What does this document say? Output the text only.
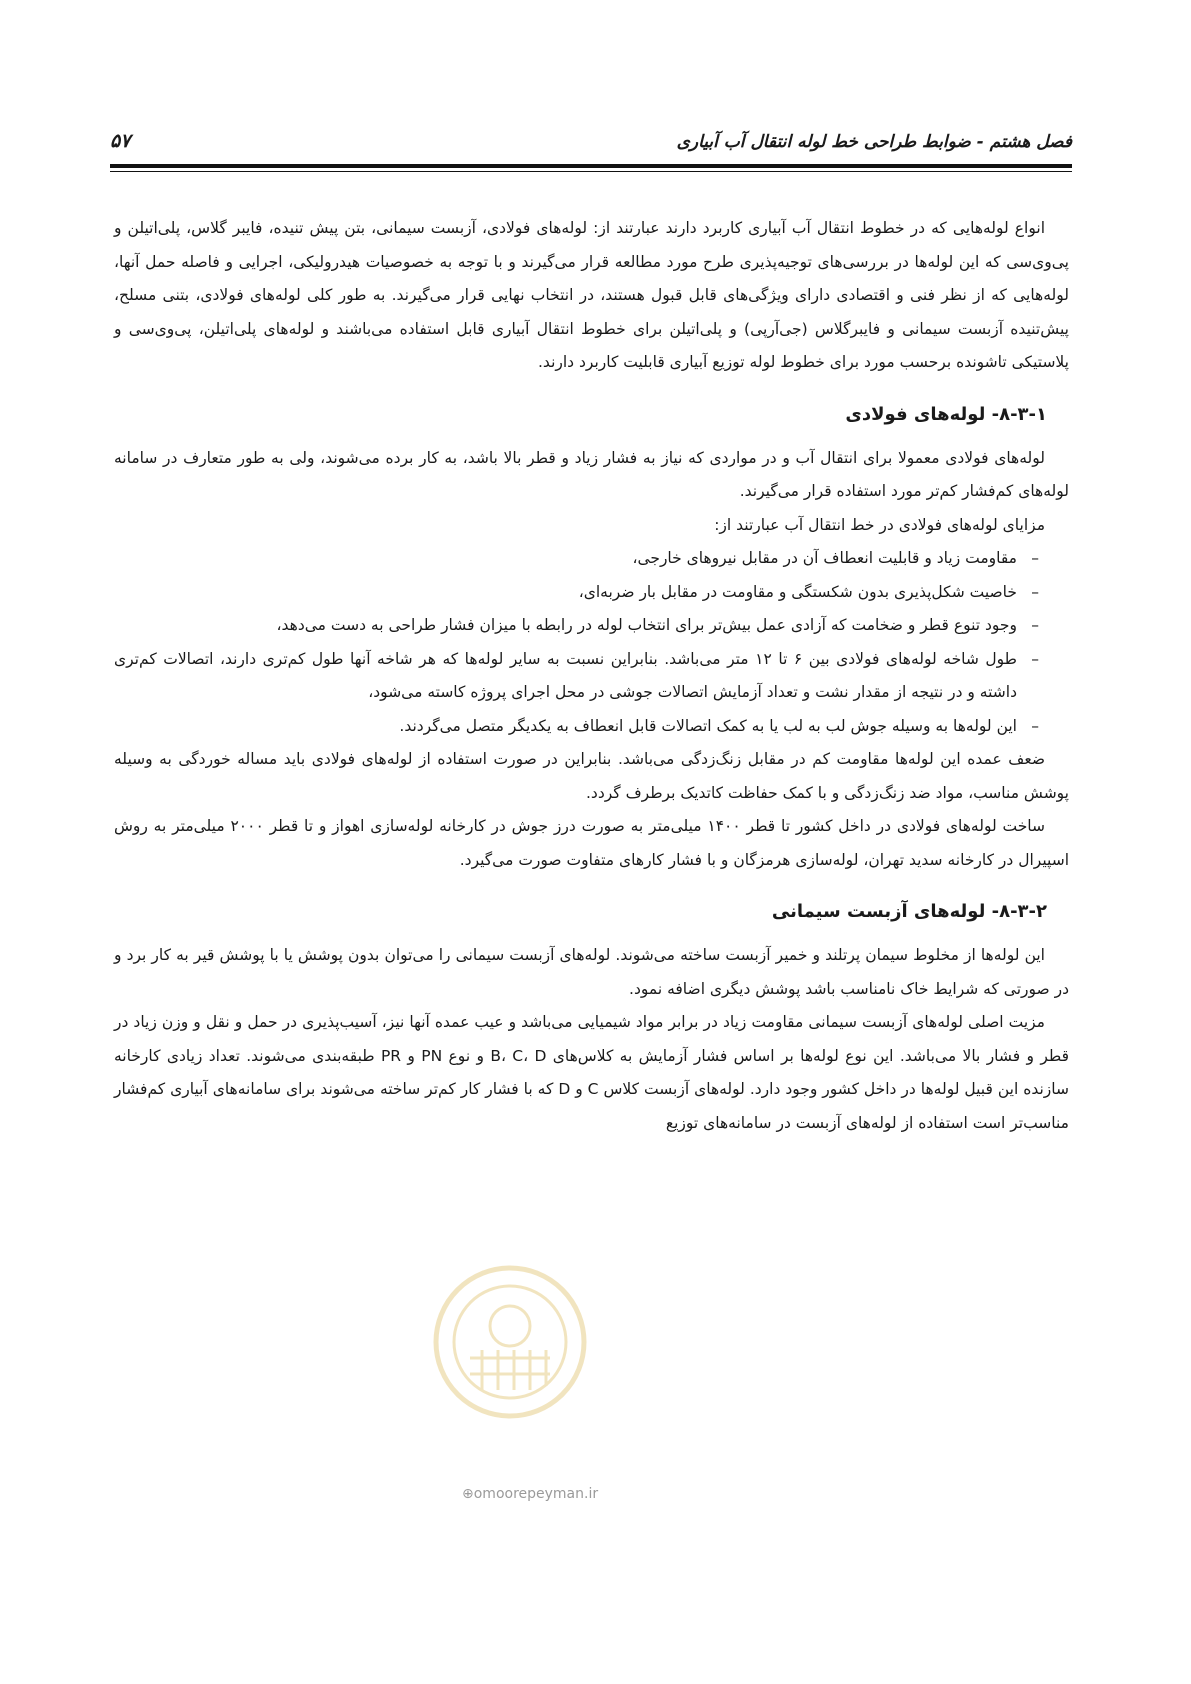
فصل هشتم - ضوابط طراحی خط لوله انتقال آب آبیاری
۵۷

انواع لوله‌هایی که در خطوط انتقال آب آبیاری کاربرد دارند عبارتند از: لوله‌های فولادی، آزبست سیمانی، بتن پیش تنیده، فایبر گلاس، پلی‌اتیلن و پی‌وی‌سی که این لوله‌ها در بررسی‌های توجیه‌پذیری طرح مورد مطالعه قرار می‌گیرند و با توجه به خصوصیات هیدرولیکی، اجرایی و فاصله حمل آنها، لوله‌هایی که از نظر فنی و اقتصادی دارای ویژگی‌های قابل قبول هستند، در انتخاب نهایی قرار می‌گیرند. به طور کلی لوله‌های فولادی، بتنی مسلح، پیش‌تنیده آزبست سیمانی و فایبرگلاس (جی‌آرپی) و پلی‌اتیلن برای خطوط انتقال آبیاری قابل استفاده می‌باشند و لوله‌های پلی‌اتیلن، پی‌وی‌سی و پلاستیکی تاشونده برحسب مورد برای خطوط لوله توزیع آبیاری قابلیت کاربرد دارند.

۸-۳-۱- لوله‌های فولادی

لوله‌های فولادی معمولا برای انتقال آب و در مواردی که نیاز به فشار زیاد و قطر بالا باشد، به کار برده می‌شوند، ولی به طور متعارف در سامانه لوله‌های کم‌فشار کم‌تر مورد استفاده قرار می‌گیرند.

مزایای لوله‌های فولادی در خط انتقال آب عبارتند از:

–
مقاومت زیاد و قابلیت انعطاف آن در مقابل نیروهای خارجی،
–
خاصیت شکل‌پذیری بدون شکستگی و مقاومت در مقابل بار ضربه‌ای،
–
وجود تنوع قطر و ضخامت که آزادی عمل بیش‌تر برای انتخاب لوله در رابطه با میزان فشار طراحی به دست می‌دهد،
–
طول شاخه لوله‌های فولادی بین ۶ تا ۱۲ متر می‌باشد. بنابراین نسبت به سایر لوله‌ها که هر شاخه آنها طول کم‌تری دارند، اتصالات کم‌تری داشته و در نتیجه از مقدار نشت و تعداد آزمایش اتصالات جوشی در محل اجرای پروژه کاسته می‌شود،
–
این لوله‌ها به وسیله جوش لب به لب یا به کمک اتصالات قابل انعطاف به یکدیگر متصل می‌گردند.

ضعف عمده این لوله‌ها مقاومت کم در مقابل زنگ‌زدگی می‌باشد. بنابراین در صورت استفاده از لوله‌های فولادی باید مساله خوردگی به وسیله پوشش مناسب، مواد ضد زنگ‌زدگی و با کمک حفاظت کاتدیک برطرف گردد.

ساخت لوله‌های فولادی در داخل کشور تا قطر ۱۴۰۰ میلی‌متر به صورت درز جوش در کارخانه لوله‌سازی اهواز و تا قطر ۲۰۰۰ میلی‌متر به روش اسپیرال در کارخانه سدید تهران، لوله‌سازی هرمزگان و با فشار کارهای متفاوت صورت می‌گیرد.

۸-۳-۲- لوله‌های آزبست سیمانی

این لوله‌ها از مخلوط سیمان پرتلند و خمیر آزبست ساخته می‌شوند. لوله‌های آزبست سیمانی را می‌توان بدون پوشش یا با پوشش قیر به کار برد و در صورتی که شرایط خاک نامناسب باشد پوشش دیگری اضافه نمود.

مزیت اصلی لوله‌های آزبست سیمانی مقاومت زیاد در برابر مواد شیمیایی می‌باشد و عیب عمده آنها نیز، آسیب‌پذیری در حمل و نقل و وزن زیاد در قطر و فشار بالا می‌باشد. این نوع لوله‌ها بر اساس فشار آزمایش به کلاس‌های B، C، D و نوع PN و PR طبقه‌بندی می‌شوند. تعداد زیادی کارخانه سازنده این قبیل لوله‌ها در داخل کشور وجود دارد. لوله‌های آزبست کلاس C و D که با فشار کار کم‌تر ساخته می‌شوند برای سامانه‌های آبیاری کم‌فشار مناسب‌تر است استفاده از لوله‌های آزبست در سامانه‌های توزیع

⊕omoorepeyman.ir
